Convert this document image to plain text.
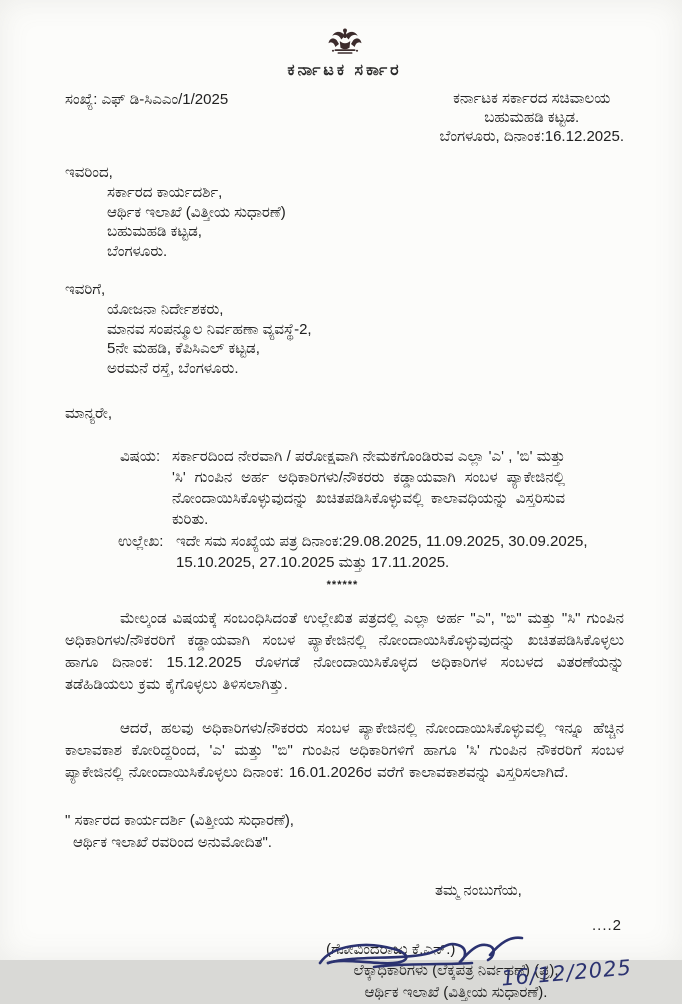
ಕರ್ನಾಟಕ ಸರ್ಕಾರ
ಸಂಖ್ಯೆ: ಎಫ್ ಡಿ-ಸಿಎಎಂ/1/2025	ಕರ್ನಾಟಕ ಸರ್ಕಾರದ ಸಚಿವಾಲಯ
ಬಹುಮಹಡಿ ಕಟ್ಟಡ.
ಬೆಂಗಳೂರು, ದಿನಾಂಕ:16.12.2025.
ಇವರಿಂದ,
ಸರ್ಕಾರದ ಕಾರ್ಯದರ್ಶಿ,
ಆರ್ಥಿಕ ಇಲಾಖೆ (ವಿತ್ತೀಯ ಸುಧಾರಣೆ)
ಬಹುಮಹಡಿ ಕಟ್ಟಡ,
ಬೆಂಗಳೂರು.
ಇವರಿಗೆ,
ಯೋಜನಾ ನಿರ್ದೇಶಕರು,
ಮಾನವ ಸಂಪನ್ಮೂಲ ನಿರ್ವಹಣಾ ವ್ಯವಸ್ಥೆ-2,
5ನೇ ಮಹಡಿ, ಕೆಪಿಸಿಎಲ್ ಕಟ್ಟಡ,
ಅರಮನೆ ರಸ್ತೆ, ಬೆಂಗಳೂರು.
ಮಾನ್ಯರೇ,
ವಿಷಯ: ಸರ್ಕಾರದಿಂದ ನೇರವಾಗಿ / ಪರೋಕ್ಷವಾಗಿ ನೇಮಕಗೊಂಡಿರುವ ಎಲ್ಲಾ 'ಎ' , 'ಬಿ' ಮತ್ತು 'ಸಿ' ಗುಂಪಿನ ಅರ್ಹ ಅಧಿಕಾರಿಗಳು/ನೌಕರರು ಕಡ್ಡಾಯವಾಗಿ ಸಂಬಳ ಪ್ಯಾಕೇಜಿನಲ್ಲಿ ನೋಂದಾಯಿಸಿಕೊಳ್ಳುವುದನ್ನು ಖಚಿತಪಡಿಸಿಕೊಳ್ಳುವಲ್ಲಿ ಕಾಲಾವಧಿಯನ್ನು ವಿಸ್ತರಿಸುವ ಕುರಿತು.
ಉಲ್ಲೇಖ: ಇದೇ ಸಮ ಸಂಖ್ಯೆಯ ಪತ್ರ ದಿನಾಂಕ:29.08.2025, 11.09.2025, 30.09.2025, 15.10.2025, 27.10.2025 ಮತ್ತು 17.11.2025.
******
ಮೇಲ್ಕಂಡ ವಿಷಯಕ್ಕೆ ಸಂಬಂಧಿಸಿದಂತೆ ಉಲ್ಲೇಖಿತ ಪತ್ರದಲ್ಲಿ ಎಲ್ಲಾ ಅರ್ಹ "ಎ", "ಬಿ" ಮತ್ತು "ಸಿ" ಗುಂಪಿನ ಅಧಿಕಾರಿಗಳು/ನೌಕರರಿಗೆ ಕಡ್ಡಾಯವಾಗಿ ಸಂಬಳ ಪ್ಯಾಕೇಜಿನಲ್ಲಿ ನೋಂದಾಯಿಸಿಕೊಳ್ಳುವುದನ್ನು ಖಚಿತಪಡಿಸಿಕೊಳ್ಳಲು ಹಾಗೂ ದಿನಾಂಕ: 15.12.2025 ರೊಳಗಡೆ ನೋಂದಾಯಿಸಿಕೊಳ್ಳದ ಅಧಿಕಾರಿಗಳ ಸಂಬಳದ ವಿತರಣೆಯನ್ನು ತಡೆಹಿಡಿಯಲು ಕ್ರಮ ಕೈಗೊಳ್ಳಲು ತಿಳಿಸಲಾಗಿತ್ತು.
ಆದರೆ, ಹಲವು ಅಧಿಕಾರಿಗಳು/ನೌಕರರು ಸಂಬಳ ಪ್ಯಾಕೇಜಿನಲ್ಲಿ ನೋಂದಾಯಿಸಿಕೊಳ್ಳುವಲ್ಲಿ ಇನ್ನೂ ಹೆಚ್ಚಿನ ಕಾಲಾವಕಾಶ ಕೋರಿದ್ದರಿಂದ, 'ಎ' ಮತ್ತು "ಬಿ" ಗುಂಪಿನ ಅಧಿಕಾರಿಗಳಿಗೆ ಹಾಗೂ 'ಸಿ' ಗುಂಪಿನ ನೌಕರರಿಗೆ ಸಂಬಳ ಪ್ಯಾಕೇಜಿನಲ್ಲಿ ನೋಂದಾಯಿಸಿಕೊಳ್ಳಲು ದಿನಾಂಕ: 16.01.2026ರ ವರೆಗೆ ಕಾಲಾವಕಾಶವನ್ನು ವಿಸ್ತರಿಸಲಾಗಿದೆ.
" ಸರ್ಕಾರದ ಕಾರ್ಯದರ್ಶಿ (ವಿತ್ತೀಯ ಸುಧಾರಣೆ),
ಆರ್ಥಿಕ ಇಲಾಖೆ ರವರಿಂದ ಅನುಮೋದಿತ".
ತಮ್ಮ ನಂಬುಗೆಯ,
16/12/2025
(ಗೋವಿಂದರಾಜು ಕೆ.ಎನ್.)
ಲೆಕ್ಕಾಧಿಕಾರಿಗಳು (ಲೆಕ್ಕಪತ್ರ ನಿರ್ವಹಣೆ) (ಪ್ರ),
ಆರ್ಥಿಕ ಇಲಾಖೆ (ವಿತ್ತೀಯ ಸುಧಾರಣೆ).
....2
